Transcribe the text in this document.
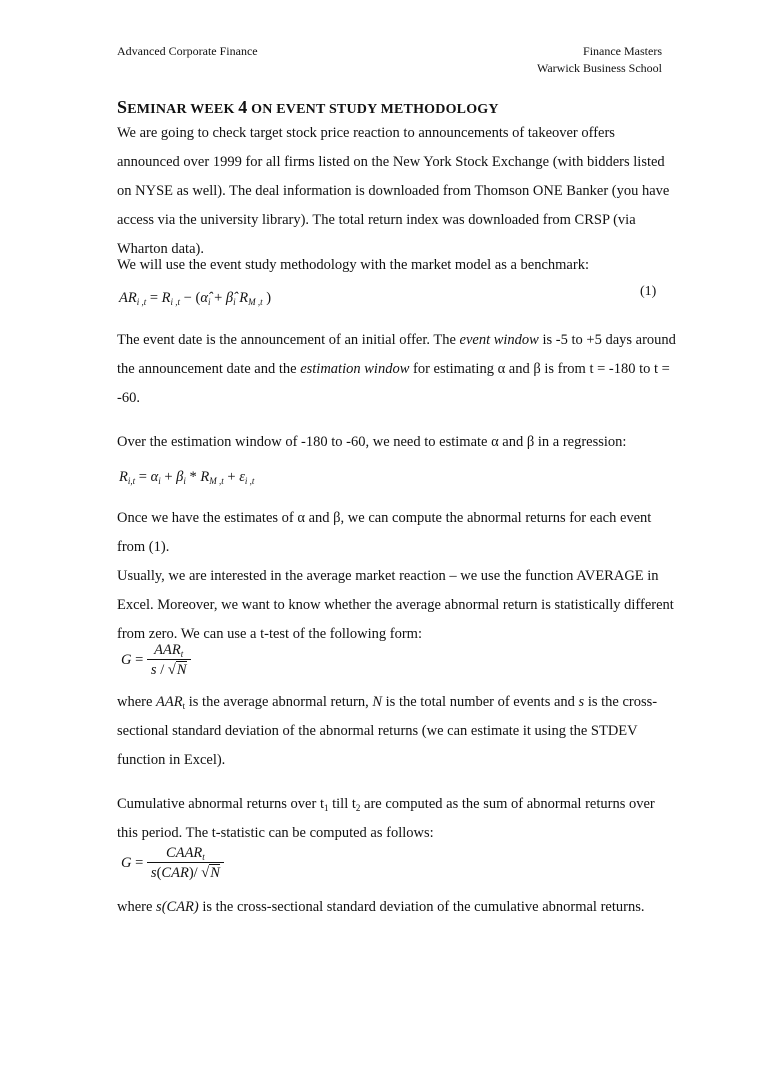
Advanced Corporate Finance	Finance Masters
Warwick Business School
SEMINAR WEEK 4 ON EVENT STUDY METHODOLOGY
We are going to check target stock price reaction to announcements of takeover offers announced over 1999 for all firms listed on the New York Stock Exchange (with bidders listed on NYSE as well). The deal information is downloaded from Thomson ONE Banker (you have access via the university library). The total return index was downloaded from CRSP (via Wharton data).
We will use the event study methodology with the market model as a benchmark:
$AR_{i ,t} = R_{i ,t}$ − ($\alphâ_i$ + $\betâ_i$ $R_{M ,t}$ )	(1)
The event date is the announcement of an initial offer. The event window is -5 to +5 days around the announcement date and the estimation window for estimating α and β is from t = -180 to t = -60.
Over the estimation window of -180 to -60, we need to estimate α and β in a regression:
$R_{i,t} = \alpha_i + \beta_i * R_{M ,t} + \varepsilon_{i ,t}$
Once we have the estimates of α and β, we can compute the abnormal returns for each event from (1).
Usually, we are interested in the average market reaction – we use the function AVERAGE in Excel. Moreover, we want to know whether the average abnormal return is statistically different from zero. We can use a t-test of the following form:
$G = \frac{AAR_t}{s / √N}$
where $AAR_t$ is the average abnormal return, N is the total number of events and s is the cross-sectional standard deviation of the abnormal returns (we can estimate it using the STDEV function in Excel).
Cumulative abnormal returns over $t_1$ till $t_2$ are computed as the sum of abnormal returns over this period. The t-statistic can be computed as follows:
$G = \frac{CAAR_t}{\text{s(CAR)/ √N}}$
where s(CAR) is the cross-sectional standard deviation of the cumulative abnormal returns.
